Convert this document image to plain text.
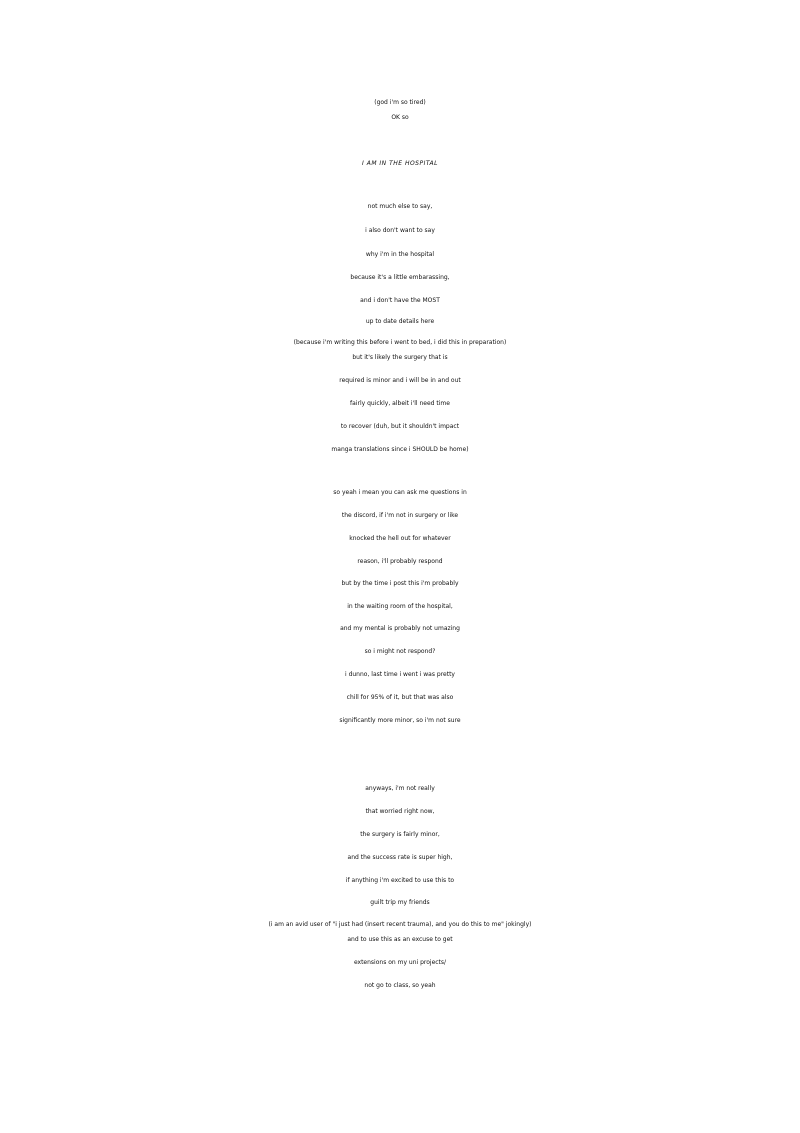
(god i'm so tired)
OK so
I AM IN THE HOSPITAL
not much else to say,
i also don't want to say
why i'm in the hospital
because it's a little embarassing,
and i don't have the MOST
up to date details here
(because i'm writing this before i went to bed, i did this in preparation)
but it's likely the surgery that is
required is minor and i will be in and out
fairly quickly, albeit i'll need time
to recover (duh, but it shouldn't impact
manga translations since i SHOULD be home)
so yeah i mean you can ask me questions in
the discord, if i'm not in surgery or like
knocked the hell out for whatever
reason, i'll probably respond
but by the time i post this i'm probably
in the waiting room of the hospital,
and my mental is probably not umazing
so i might not respond?
i dunno, last time i went i was pretty
chill for 95% of it, but that was also
significantly more minor, so i'm not sure
anyways, i'm not really
that worried right now,
the surgery is fairly minor,
and the success rate is super high,
if anything i'm excited to use this to
guilt trip my friends
(i am an avid user of "i just had (insert recent trauma), and you do this to me" jokingly)
and to use this as an excuse to get
extensions on my uni projects/
not go to class, so yeah
